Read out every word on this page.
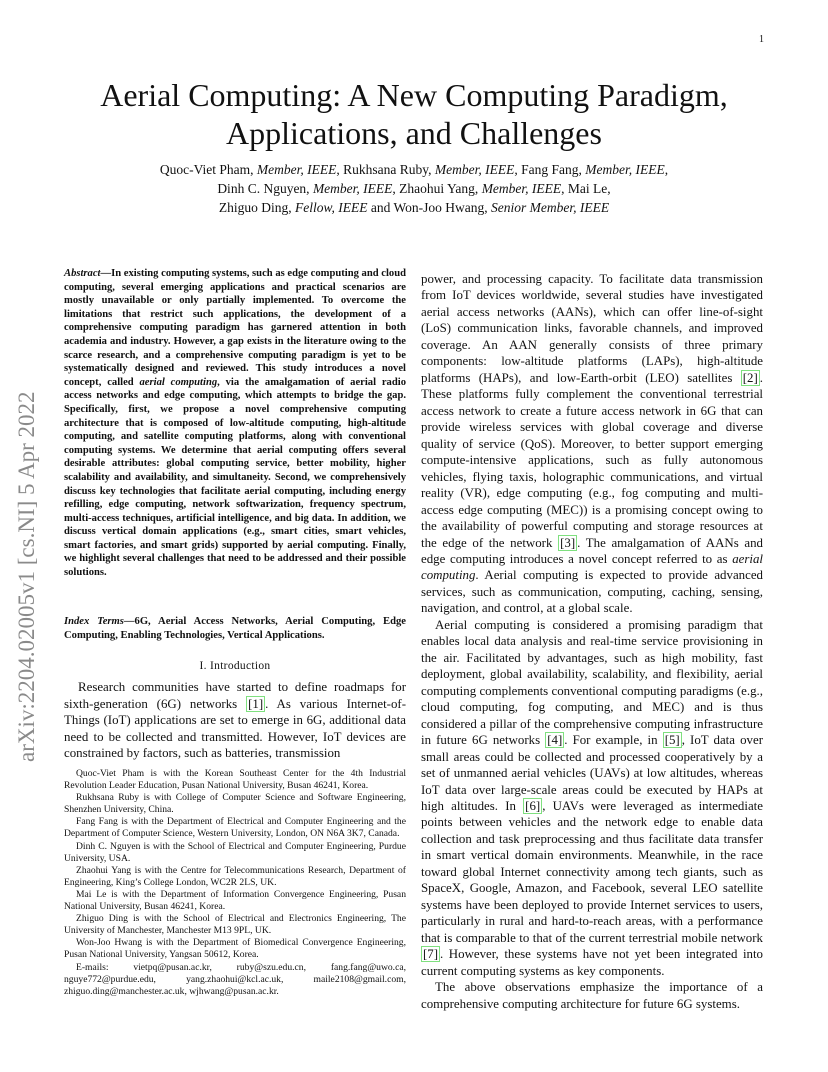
1
arXiv:2204.02005v1 [cs.NI] 5 Apr 2022
Aerial Computing: A New Computing Paradigm,
Applications, and Challenges
Quoc-Viet Pham, Member, IEEE, Rukhsana Ruby, Member, IEEE, Fang Fang, Member, IEEE,
Dinh C. Nguyen, Member, IEEE, Zhaohui Yang, Member, IEEE, Mai Le,
Zhiguo Ding, Fellow, IEEE and Won-Joo Hwang, Senior Member, IEEE
Abstract—In existing computing systems, such as edge computing and cloud computing, several emerging applications and practical scenarios are mostly unavailable or only partially implemented. To overcome the limitations that restrict such applications, the development of a comprehensive computing paradigm has garnered attention in both academia and industry. However, a gap exists in the literature owing to the scarce research, and a comprehensive computing paradigm is yet to be systematically designed and reviewed. This study introduces a novel concept, called aerial computing, via the amalgamation of aerial radio access networks and edge computing, which attempts to bridge the gap. Specifically, first, we propose a novel comprehensive computing architecture that is composed of low-altitude computing, high-altitude computing, and satellite computing platforms, along with conventional computing systems. We determine that aerial computing offers several desirable attributes: global computing service, better mobility, higher scalability and availability, and simultaneity. Second, we comprehensively discuss key technologies that facilitate aerial computing, including energy refilling, edge computing, network softwarization, frequency spectrum, multi-access techniques, artificial intelligence, and big data. In addition, we discuss vertical domain applications (e.g., smart cities, smart vehicles, smart factories, and smart grids) supported by aerial computing. Finally, we highlight several challenges that need to be addressed and their possible solutions.
Index Terms—6G, Aerial Access Networks, Aerial Computing, Edge Computing, Enabling Technologies, Vertical Applications.
I. Introduction
Research communities have started to define roadmaps for sixth-generation (6G) networks [1] . As various Internet-of-Things (IoT) applications are set to emerge in 6G, additional data need to be collected and transmitted. However, IoT devices are constrained by factors, such as batteries, transmission

Quoc-Viet Pham is with the Korean Southeast Center for the 4th Industrial Revolution Leader Education, Pusan National University, Busan 46241, Korea.

Rukhsana Ruby is with College of Computer Science and Software Engineering, Shenzhen University, China.

Fang Fang is with the Department of Electrical and Computer Engineering and the Department of Computer Science, Western University, London, ON N6A 3K7, Canada.

Dinh C. Nguyen is with the School of Electrical and Computer Engineering, Purdue University, USA.

Zhaohui Yang is with the Centre for Telecommunications Research, Department of Engineering, King’s College London, WC2R 2LS, UK.

Mai Le is with the Department of Information Convergence Engineering, Pusan National University, Busan 46241, Korea.

Zhiguo Ding is with the School of Electrical and Electronics Engineering, The University of Manchester, Manchester M13 9PL, UK.

Won-Joo Hwang is with the Department of Biomedical Convergence Engineering, Pusan National University, Yangsan 50612, Korea.

E-mails: vietpq@pusan.ac.kr, ruby@szu.edu.cn, fang.fang@uwo.ca, nguye772@purdue.edu, yang.zhaohui@kcl.ac.uk, maile2108@gmail.com, zhiguo.ding@manchester.ac.uk, wjhwang@pusan.ac.kr.

power, and processing capacity. To facilitate data transmission from IoT devices worldwide, several studies have investigated aerial access networks (AANs), which can offer line-of-sight (LoS) communication links, favorable channels, and improved coverage. An AAN generally consists of three primary components: low-altitude platforms (LAPs), high-altitude platforms (HAPs), and low-Earth-orbit (LEO) satellites [2] . These platforms fully complement the conventional terrestrial access network to create a future access network in 6G that can provide wireless services with global coverage and diverse quality of service (QoS). Moreover, to better support emerging compute-intensive applications, such as fully autonomous vehicles, flying taxis, holographic communications, and virtual reality (VR), edge computing (e.g., fog computing and multi-access edge computing (MEC)) is a promising concept owing to the availability of powerful computing and storage resources at the edge of the network [3] . The amalgamation of AANs and edge computing introduces a novel concept referred to as aerial computing. Aerial computing is expected to provide advanced services, such as communication, computing, caching, sensing, navigation, and control, at a global scale.

Aerial computing is considered a promising paradigm that enables local data analysis and real-time service provisioning in the air. Facilitated by advantages, such as high mobility, fast deployment, global availability, scalability, and flexibility, aerial computing complements conventional computing paradigms (e.g., cloud computing, fog computing, and MEC) and is thus considered a pillar of the comprehensive computing infrastructure in future 6G networks [4] . For example, in [5] , IoT data over small areas could be collected and processed cooperatively by a set of unmanned aerial vehicles (UAVs) at low altitudes, whereas IoT data over large-scale areas could be executed by HAPs at high altitudes. In [6] , UAVs were leveraged as intermediate points between vehicles and the network edge to enable data collection and task preprocessing and thus facilitate data transfer in smart vertical domain environments. Meanwhile, in the race toward global Internet connectivity among tech giants, such as SpaceX, Google, Amazon, and Facebook, several LEO satellite systems have been deployed to provide Internet services to users, particularly in rural and hard-to-reach areas, with a performance that is comparable to that of the current terrestrial mobile network [7] . However, these systems have not yet been integrated into current computing systems as key components.

The above observations emphasize the importance of a comprehensive computing architecture for future 6G systems.
